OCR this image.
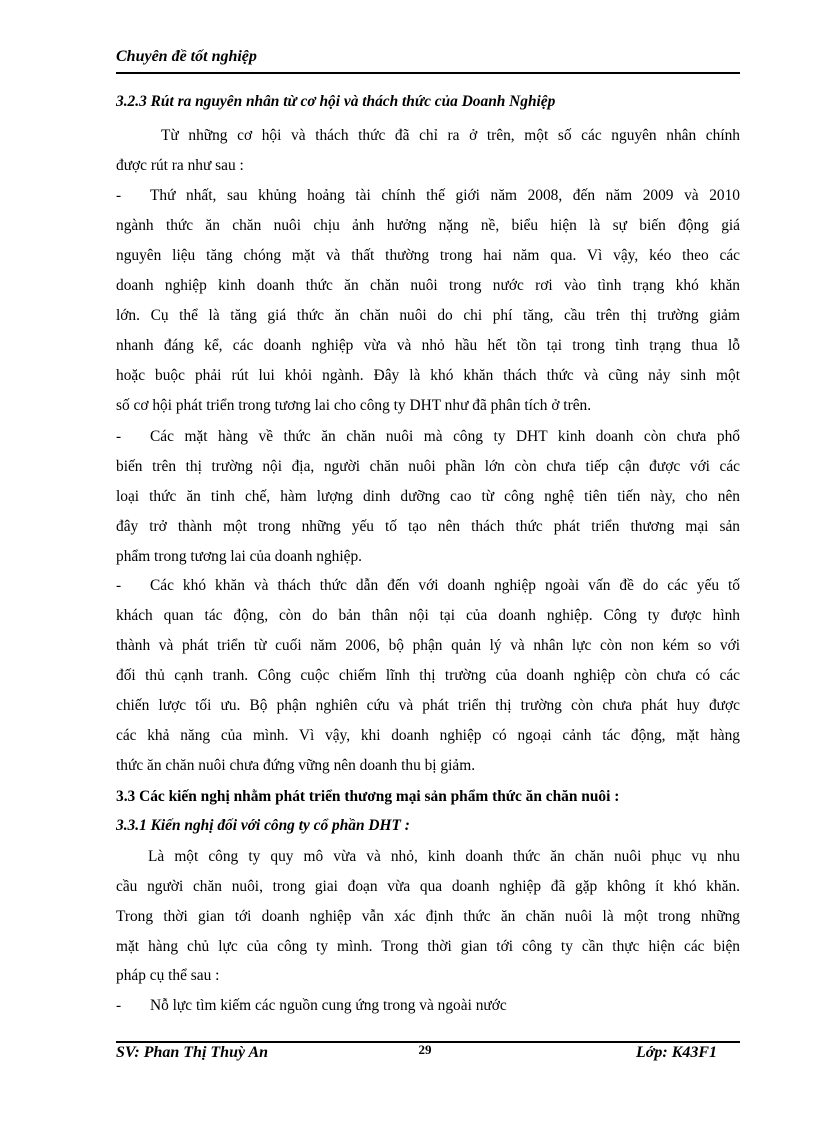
Chuyên đề tốt nghiệp
3.2.3 Rút ra nguyên nhân từ cơ hội và thách thức của Doanh Nghiệp
Từ những cơ hội và thách thức đã chỉ ra ở trên, một số các nguyên nhân chính
được rút ra như sau :
- Thứ nhất, sau khủng hoảng tài chính thế giới năm 2008, đến năm 2009 và 2010
ngành thức ăn chăn nuôi chịu ảnh hưởng nặng nề, biểu hiện là sự biến động giá
nguyên liệu tăng chóng mặt và thất thường trong hai năm qua. Vì vậy, kéo theo các
doanh nghiệp kinh doanh thức ăn chăn nuôi trong nước rơi vào tình trạng khó khăn
lớn. Cụ thể là tăng giá thức ăn chăn nuôi do chi phí tăng, cầu trên thị trường giảm
nhanh đáng kể, các doanh nghiệp vừa và nhỏ hầu hết tồn tại trong tình trạng thua lỗ
hoặc buộc phải rút lui khỏi ngành. Đây là khó khăn thách thức và cũng nảy sinh một
số cơ hội phát triển trong tương lai cho công ty DHT như đã phân tích ở trên.
- Các mặt hàng về thức ăn chăn nuôi mà công ty DHT kinh doanh còn chưa phổ
biến trên thị trường nội địa, người chăn nuôi phần lớn còn chưa tiếp cận được với các
loại thức ăn tinh chế, hàm lượng dinh dưỡng cao từ công nghệ tiên tiến này, cho nên
đây trở thành một trong những yếu tố tạo nên thách thức phát triển thương mại sản
phẩm trong tương lai của doanh nghiệp.
- Các khó khăn và thách thức dẫn đến với doanh nghiệp ngoài vấn đề do các yếu tố
khách quan tác động, còn do bản thân nội tại của doanh nghiệp. Công ty được hình
thành và phát triển từ cuối năm 2006, bộ phận quản lý và nhân lực còn non kém so với
đối thủ cạnh tranh. Công cuộc chiếm lĩnh thị trường của doanh nghiệp còn chưa có các
chiến lược tối ưu. Bộ phận nghiên cứu và phát triển thị trường còn chưa phát huy được
các khả năng của mình. Vì vậy, khi doanh nghiệp có ngoại cảnh tác động, mặt hàng
thức ăn chăn nuôi chưa đứng vững nên doanh thu bị giảm.
3.3 Các kiến nghị nhằm phát triển thương mại sản phẩm thức ăn chăn nuôi :
3.3.1 Kiến nghị đối với công ty cổ phần DHT :
Là một công ty quy mô vừa và nhỏ, kinh doanh thức ăn chăn nuôi phục vụ nhu
cầu người chăn nuôi, trong giai đoạn vừa qua doanh nghiệp đã gặp không ít khó khăn.
Trong thời gian tới doanh nghiệp vẫn xác định thức ăn chăn nuôi là một trong những
mặt hàng chủ lực của công ty mình. Trong thời gian tới công ty cần thực hiện các biện
pháp cụ thể sau :
- Nỗ lực tìm kiếm các nguồn cung ứng trong và ngoài nước
SV: Phan Thị Thuỳ An	29	Lớp: K43F1
